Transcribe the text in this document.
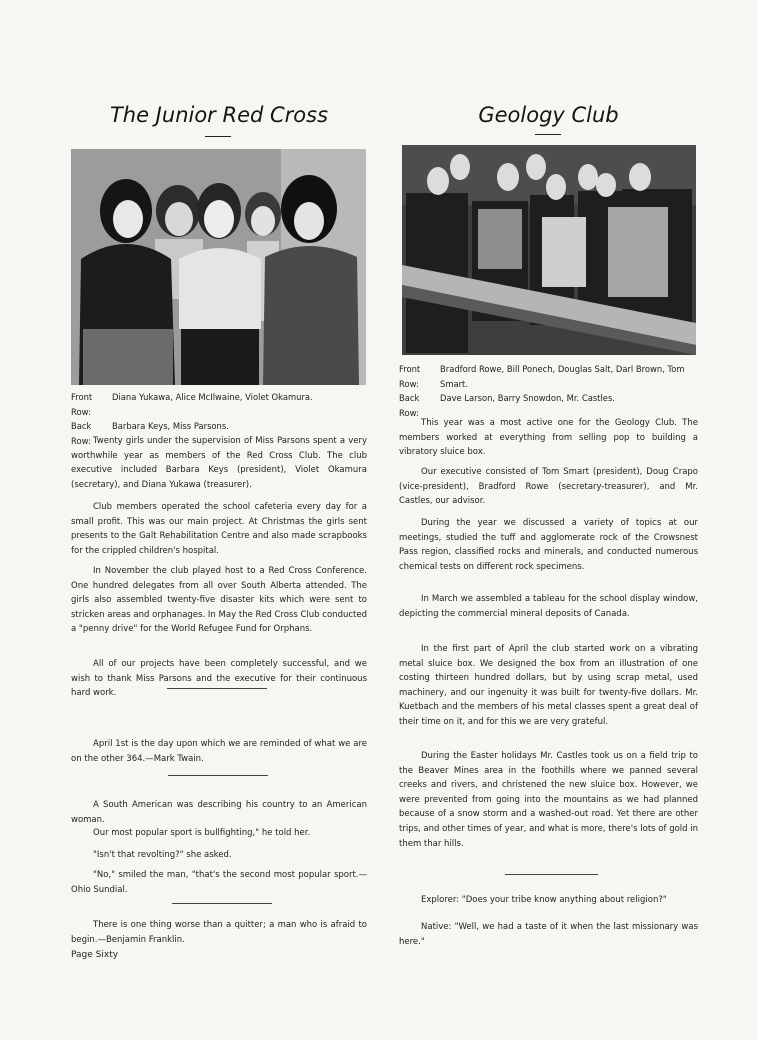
The Junior Red Cross
Front Row:
Diana Yukawa, Alice McIlwaine, Violet Okamura.
Back Row:
Barbara Keys, Miss Parsons.
Twenty girls under the supervision of Miss Parsons spent a very worthwhile year as members of the Red Cross Club. The club executive included Barbara Keys (president), Violet Okamura (secretary), and Diana Yukawa (treasurer).
Club members operated the school cafeteria every day for a small profit. This was our main project. At Christmas the girls sent presents to the Galt Rehabilitation Centre and also made scrapbooks for the crippled children's hospital.
In November the club played host to a Red Cross Conference. One hundred delegates from all over South Alberta attended. The girls also assembled twenty-five disaster kits which were sent to stricken areas and orphanages. In May the Red Cross Club conducted a "penny drive" for the World Refugee Fund for Orphans.
All of our projects have been completely successful, and we wish to thank Miss Parsons and the executive for their continuous hard work.
April 1st is the day upon which we are reminded of what we are on the other 364.—Mark Twain.
A South American was describing his country to an American woman.
Our most popular sport is bullfighting," he told her.
"Isn't that revolting?" she asked.
"No," smiled the man, "that's the second most popular sport.—Ohio Sundial.
There is one thing worse than a quitter; a man who is afraid to begin.—Benjamin Franklin.
Page Sixty
Geology Club
Front Row:
Bradford Rowe, Bill Ponech, Douglas Salt, Darl Brown, Tom Smart.
Back Row:
Dave Larson, Barry Snowdon, Mr. Castles.
This year was a most active one for the Geology Club. The members worked at everything from selling pop to building a vibratory sluice box.
Our executive consisted of Tom Smart (president), Doug Crapo (vice-president), Bradford Rowe (secretary-treasurer), and Mr. Castles, our advisor.
During the year we discussed a variety of topics at our meetings, studied the tuff and agglomerate rock of the Crowsnest Pass region, classified rocks and minerals, and conducted numerous chemical tests on different rock specimens.
In March we assembled a tableau for the school display window, depicting the commercial mineral deposits of Canada.
In the first part of April the club started work on a vibrating metal sluice box. We designed the box from an illustration of one costing thirteen hundred dollars, but by using scrap metal, used machinery, and our ingenuity it was built for twenty-five dollars. Mr. Kuetbach and the members of his metal classes spent a great deal of their time on it, and for this we are very grateful.
During the Easter holidays Mr. Castles took us on a field trip to the Beaver Mines area in the foothills where we panned several creeks and rivers, and christened the new sluice box. However, we were prevented from going into the mountains as we had planned because of a snow storm and a washed-out road. Yet there are other trips, and other times of year, and what is more, there's lots of gold in them thar hills.
Explorer: "Does your tribe know anything about religion?"
Native: "Well, we had a taste of it when the last missionary was here."
